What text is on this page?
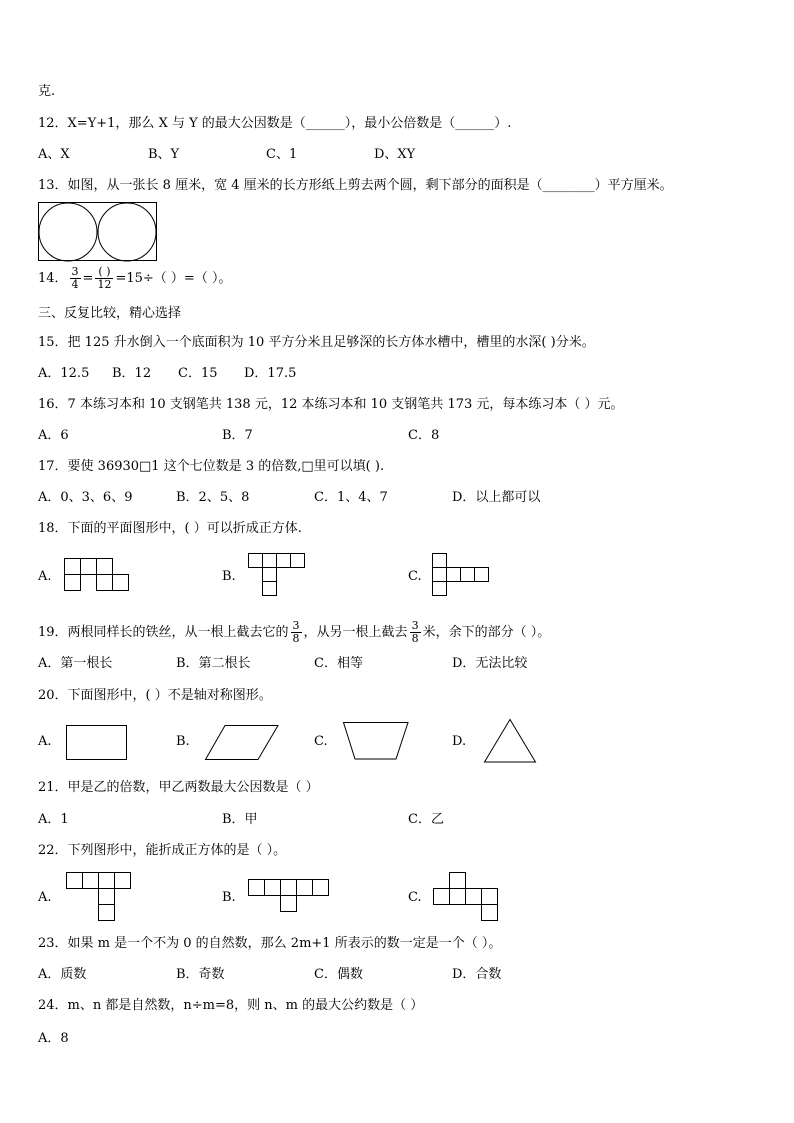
克.
12．X=Y+1，那么 X 与 Y 的最大公因数是（______），最小公倍数是（______）.
A、X	B、Y	C、1	D、XY
13．如图，从一张长 8 厘米，宽 4 厘米的长方形纸上剪去两个圆，剩下部分的面积是（________）平方厘米。
14． $\frac{3}{4} = \frac{( )}{12} =15\div$（ ）=（ ）。
三、反复比较，精心选择
15．把 125 升水倒入一个底面积为 10 平方分米且足够深的长方体水槽中，槽里的水深( )分米。
A．12.5 B．12 C．15 D．17.5
16．7 本练习本和 10 支钢笔共 138 元，12 本练习本和 10 支钢笔共 173 元，每本练习本（ ）元。
A．6	B．7	C．8
17．要使 36930□1 这个七位数是 3 的倍数,□里可以填( ).
A．0、3、6、9	B．2、5、8	C．1、4、7	D．以上都可以
18．下面的平面图形中，( ）可以折成正方体.
A.	B.	C.
19．两根同样长的铁丝，从一根上截去它的 $\frac{3}{8}$ ，从另一根上截去 $\frac{3}{8}$ 米，余下的部分（ ）。
A．第一根长	B．第二根长	C．相等	D．无法比较
20．下面图形中，( ）不是轴对称图形。
A.	B.	C.	D.
21．甲是乙的倍数，甲乙两数最大公因数是（ ）
A．1	B．甲	C．乙
22．下列图形中，能折成正方体的是（ ）。
A.	B.	C.
23．如果 m 是一个不为 0 的自然数，那么 2m+1 所表示的数一定是一个（ ）。
A．质数	B．奇数	C．偶数	D．合数
24．m、n 都是自然数，n÷m=8，则 n、m 的最大公约数是（ ）
A．8
